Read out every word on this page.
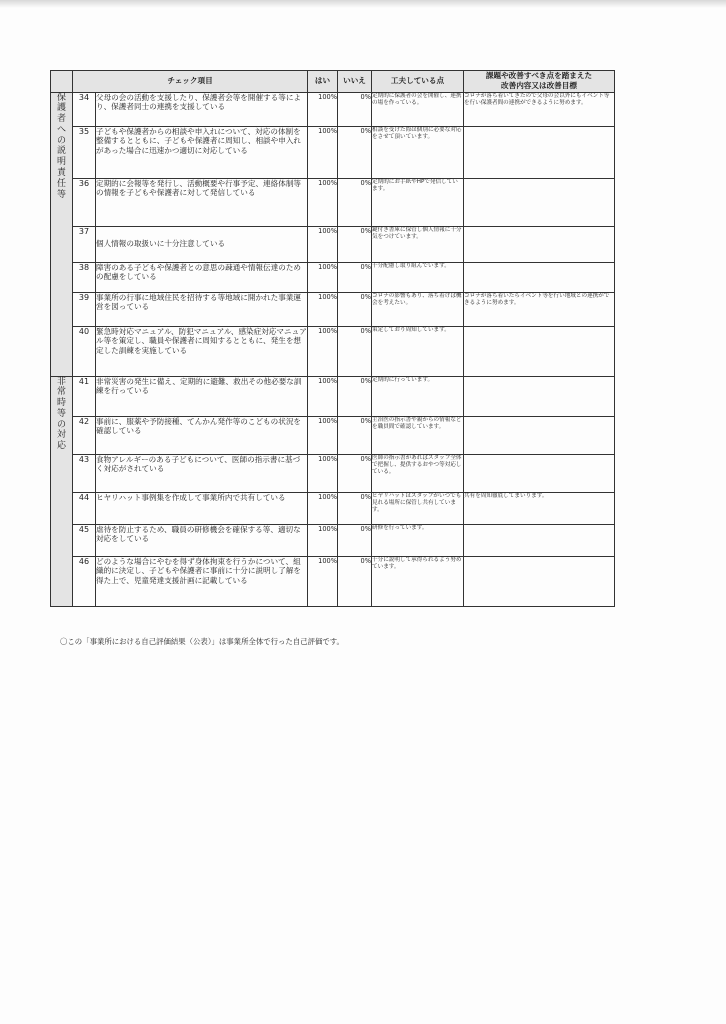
	チェック項目		はい	いいえ	工夫している点	課題や改善すべき点を踏まえた
改善内容又は改善目標

保護者への説明責任等	34	父母の会の活動を支援したり、保護者会等を開催する等により、保護者同士の連携を支援している	100%	0%	定期的に保護者の会を開催し、連携の場を作っている。	コロナが落ち着いてきたので父母の会以外にもイベント等を行い保護者間の連携ができるように努めます。
	35	子どもや保護者からの相談や申入れについて、対応の体制を整備するとともに、子どもや保護者に周知し、相談や申入れがあった場合に迅速かつ適切に対応している	100%	0%	相談を受けた際は個別に必要な対応をさせて頂いています。	
	36	定期的に会報等を発行し、活動概要や行事予定、連絡体制等の情報を子どもや保護者に対して発信している	100%	0%	定期的にお手紙やHPで発信しています。	
	37	個人情報の取扱いに十分注意している	100%	0%	鍵付き書庫に保管し個人情報に十分気をつけています。	
	38	障害のある子どもや保護者との意思の疎通や情報伝達のための配慮をしている	100%	0%	十分配慮し取り組んでいます。	
	39	事業所の行事に地域住民を招待する等地域に開かれた事業運営を図っている	100%	0%	コロナの影響もあり、落ち着けば機会を考えたい。	コロナが落ち着いたらイベント等を行い地域との連携ができるように努めます。
	40	緊急時対応マニュアル、防犯マニュアル、感染症対応マニュアル等を策定し、職員や保護者に周知するとともに、発生を想定した訓練を実施している	100%	0%	策定しており周知しています。	
非常時等の対応	41	非常災害の発生に備え、定期的に避難、救出その他必要な訓練を行っている	100%	0%	定期的に行っています。	
	42	事前に、服薬や予防接種、てんかん発作等のこどもの状況を確認している	100%	0%	主治医の指示書や親からの情報などを職員間で確認しています。	
	43	食物アレルギーのある子どもについて、医師の指示書に基づく対応がされている	100%	0%	医師の指示書があればスタッフ全体で把握し、提供するおやつ等対応している。	
	44	ヒヤリハット事例集を作成して事業所内で共有している	100%	0%	ヒヤリハットはスタッフがいつでも見れる場所に保管し共有しています。	共有を周知徹底してまいります。
	45	虐待を防止するため、職員の研修機会を確保する等、適切な対応をしている	100%	0%	研修を行っています。	
	46	どのような場合にやむを得ず身体拘束を行うかについて、組織的に決定し、子どもや保護者に事前に十分に説明し了解を得た上で、児童発達支援計画に記載している	100%	0%	十分に説明して承得られるよう努めています。	
〇この「事業所における自己評価結果（公表）」は事業所全体で行った自己評価です。
